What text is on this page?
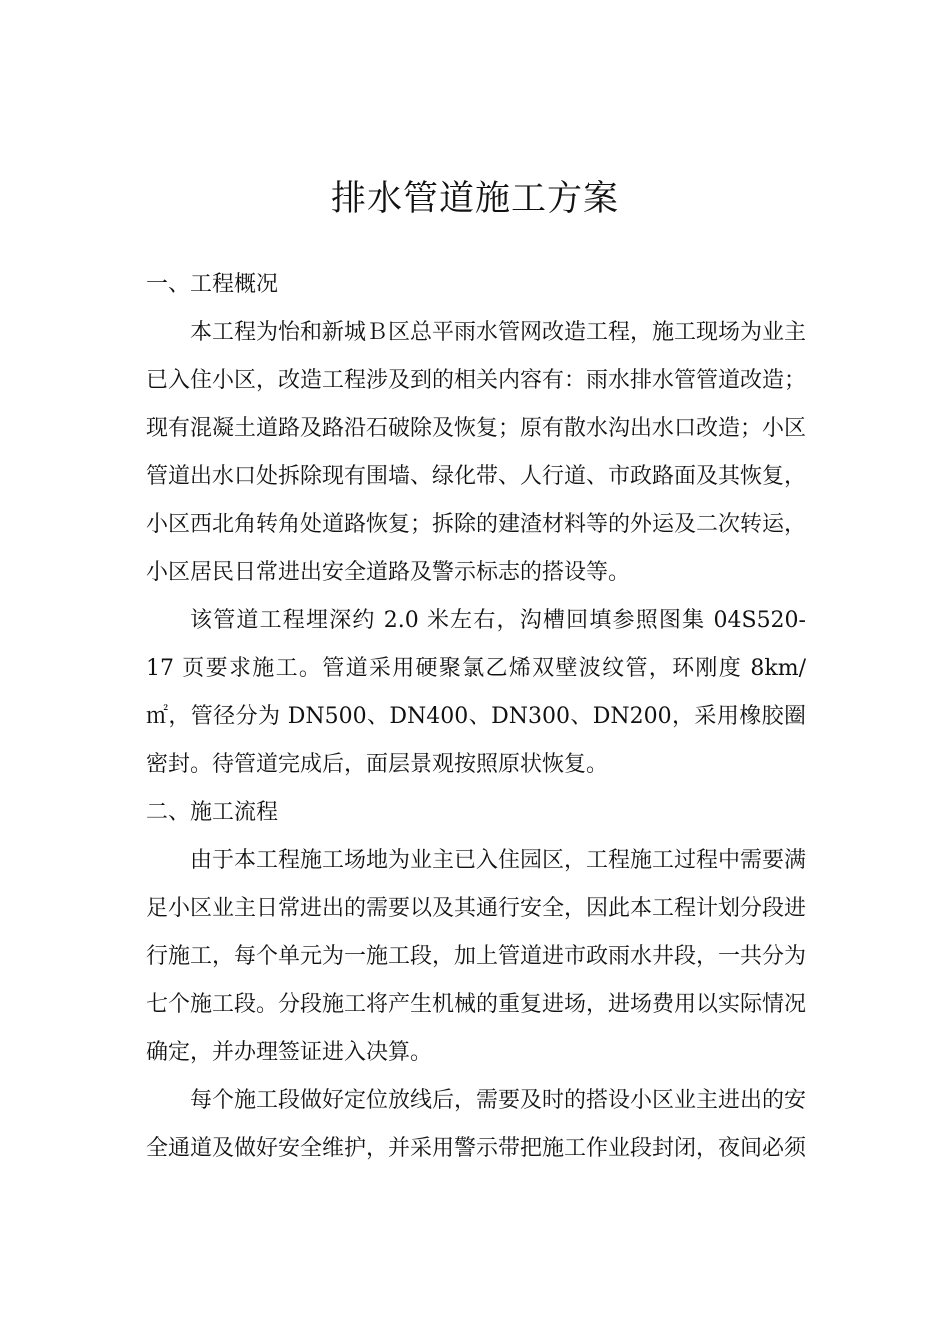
排水管道施工方案

一、工程概况

本工程为怡和新城Ｂ区总平雨水管网改造工程，施工现场为业主已入住小区，改造工程涉及到的相关内容有：雨水排水管管道改造；现有混凝土道路及路沿石破除及恢复；原有散水沟出水口改造；小区管道出水口处拆除现有围墙、绿化带、人行道、市政路面及其恢复，小区西北角转角处道路恢复；拆除的建渣材料等的外运及二次转运，小区居民日常进出安全道路及警示标志的搭设等。

该管道工程埋深约 2.0 米左右，沟槽回填参照图集 04S520-17 页要求施工。管道采用硬聚氯乙烯双壁波纹管，环刚度 8km/㎡，管径分为 DN500、DN400、DN300、DN200，采用橡胶圈密封。待管道完成后，面层景观按照原状恢复。

二、施工流程

由于本工程施工场地为业主已入住园区，工程施工过程中需要满足小区业主日常进出的需要以及其通行安全，因此本工程计划分段进行施工，每个单元为一施工段，加上管道进市政雨水井段，一共分为七个施工段。分段施工将产生机械的重复进场，进场费用以实际情况确定，并办理签证进入决算。

每个施工段做好定位放线后，需要及时的搭设小区业主进出的安全通道及做好安全维护，并采用警示带把施工作业段封闭，夜间必须
